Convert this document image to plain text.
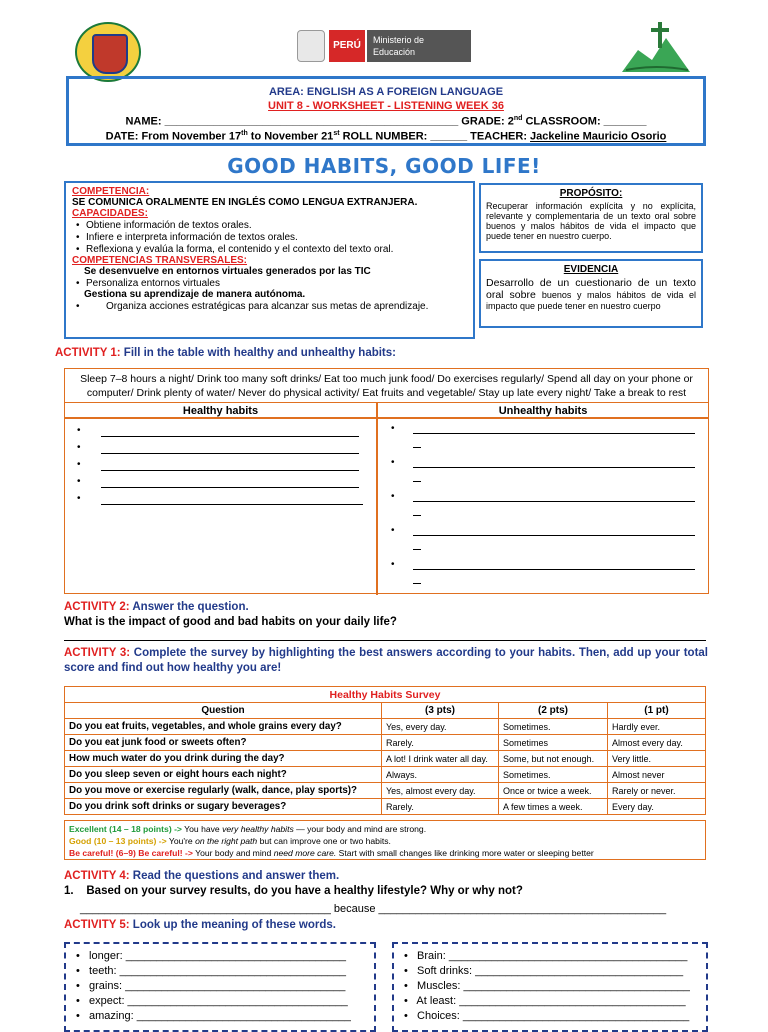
PERÚ	Ministerio de Educación
AREA: ENGLISH AS A FOREIGN LANGUAGE
UNIT 8 - WORKSHEET - LISTENING WEEK 36
NAME: ________________________________________________ GRADE: 2nd CLASSROOM: _______
DATE: From November 17th to November 21st ROLL NUMBER: ______ TEACHER: Jackeline Mauricio Osorio
GOOD HABITS, GOOD LIFE!
COMPETENCIA:
SE COMUNICA ORALMENTE EN INGLÉS COMO LENGUA EXTRANJERA.
CAPACIDADES:
• Obtiene información de textos orales.
• Infiere e interpreta información de textos orales.
• Reflexiona y evalúa la forma, el contenido y el contexto del texto oral.
COMPETENCIAS TRANSVERSALES:
Se desenvuelve en entornos virtuales generados por las TIC
• Personaliza entornos virtuales
Gestiona su aprendizaje de manera autónoma.
• Organiza acciones estratégicas para alcanzar sus metas de aprendizaje.
PROPÓSITO:
Recuperar información explícita y no explícita, relevante y complementaria de un texto oral sobre buenos y malos hábitos de vida el impacto que puede tener en nuestro cuerpo.
EVIDENCIA
Desarrollo de un cuestionario de un texto oral sobre buenos y malos hábitos de vida el impacto que puede tener en nuestro cuerpo
ACTIVITY 1: Fill in the table with healthy and unhealthy habits:
Sleep 7–8 hours a night/ Drink too many soft drinks/ Eat too much junk food/ Do exercises regularly/ Spend all day on your phone or
computer/ Drink plenty of water/ Never do physical activity/ Eat fruits and vegetable/ Stay up late every night/ Take a break to rest
Healthy habits	Unhealthy habits
•
•
•
•
•
•
•
•
•
•
ACTIVITY 2: Answer the question.
What is the impact of good and bad habits on your daily life?
ACTIVITY 3: Complete the survey by highlighting the best answers according to your habits. Then, add up your total score and find out how healthy you are!
Healthy Habits Survey			
Question	(3 pts)	(2 pts)	(1 pt)
Do you eat fruits, vegetables, and whole grains every day?	Yes, every day.	Sometimes.	Hardly ever.
Do you eat junk food or sweets often?	Rarely.	Sometimes	Almost every day.
How much water do you drink during the day?	A lot! I drink water all day.	Some, but not enough.	Very little.
Do you sleep seven or eight hours each night?	Always.	Sometimes.	Almost never
Do you move or exercise regularly (walk, dance, play sports)?	Yes, almost every day.	Once or twice a week.	Rarely or never.
Do you drink soft drinks or sugary beverages?	Rarely.	A few times a week.	Every day.
Excellent (14 – 18 points) -> You have very healthy habits — your body and mind are strong.
Good (10 – 13 points) -> You're on the right path but can improve one or two habits.
Be careful! (6–9) Be careful! -> Your body and mind need more care. Start with small changes like drinking more water or sleeping better
ACTIVITY 4: Read the questions and answer them.
1. Based on your survey results, do you have a healthy lifestyle? Why or why not?
_________________________________________ because _______________________________________________
ACTIVITY 5: Look up the meaning of these words.
•   longer: ____________________________________
•   teeth: _____________________________________
•   grains: ____________________________________
•   expect: ____________________________________
•   amazing: ___________________________________
•   Brain: _______________________________________
•   Soft drinks: __________________________________
•   Muscles: _____________________________________
•   At least: _____________________________________
•   Choices: _____________________________________
